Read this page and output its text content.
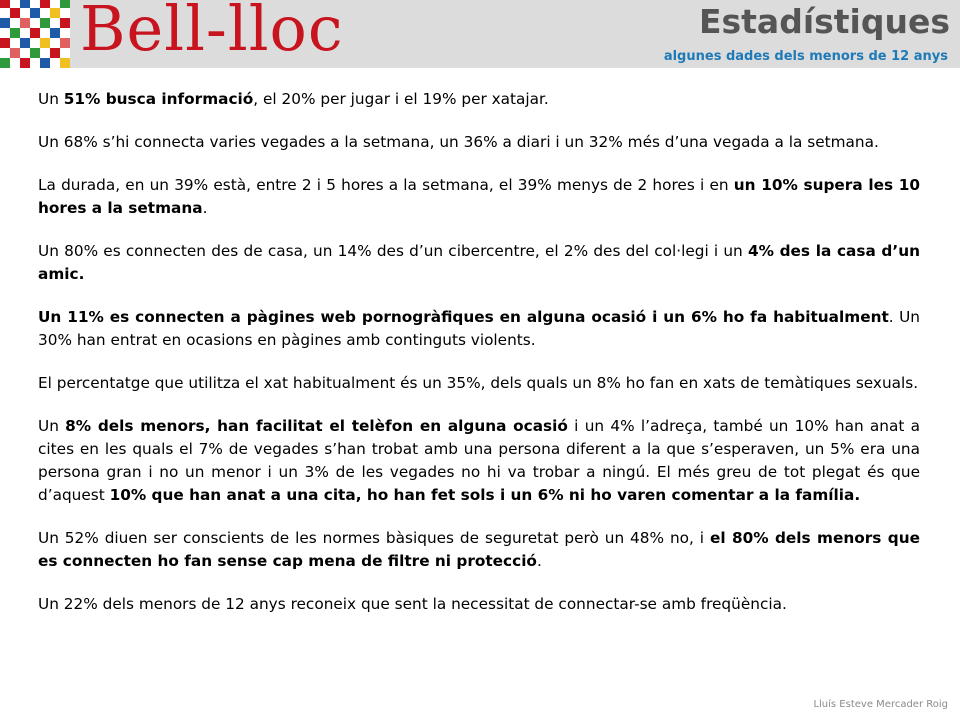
Bell-lloc	Estadístiques
algunes dades dels menors de 12 anys

Un 51% busca informació, el 20% per jugar i el 19% per xatajar.

Un 68% s’hi connecta varies vegades a la setmana, un 36% a diari i un 32% més d’una vegada a la setmana.

La durada, en un 39% està, entre 2 i 5 hores a la setmana, el 39% menys de 2 hores i en un 10% supera les 10 hores a la setmana.

Un 80% es connecten des de casa, un 14% des d’un cibercentre, el 2% des del col·legi i un 4% des la casa d’un amic.

Un 11% es connecten a pàgines web pornogràfiques en alguna ocasió i un 6% ho fa habitualment. Un 30% han entrat en ocasions en pàgines amb continguts violents.

El percentatge que utilitza el xat habitualment és un 35%, dels quals un 8% ho fan en xats de temàtiques sexuals.

Un 8% dels menors, han facilitat el telèfon en alguna ocasió i un 4% l’adreça, també un 10% han anat a cites en les quals el 7% de vegades s’han trobat amb una persona diferent a la que s’esperaven, un 5% era una persona gran i no un menor i un 3% de les vegades no hi va trobar a ningú. El més greu de tot plegat és que d’aquest 10% que han anat a una cita, ho han fet sols i un 6% ni ho varen comentar a la família.

Un 52% diuen ser conscients de les normes bàsiques de seguretat però un 48% no, i el 80% dels menors que es connecten ho fan sense cap mena de filtre ni protecció.

Un 22% dels menors de 12 anys reconeix que sent la necessitat de connectar-se amb freqüència.

Lluís Esteve Mercader Roig
